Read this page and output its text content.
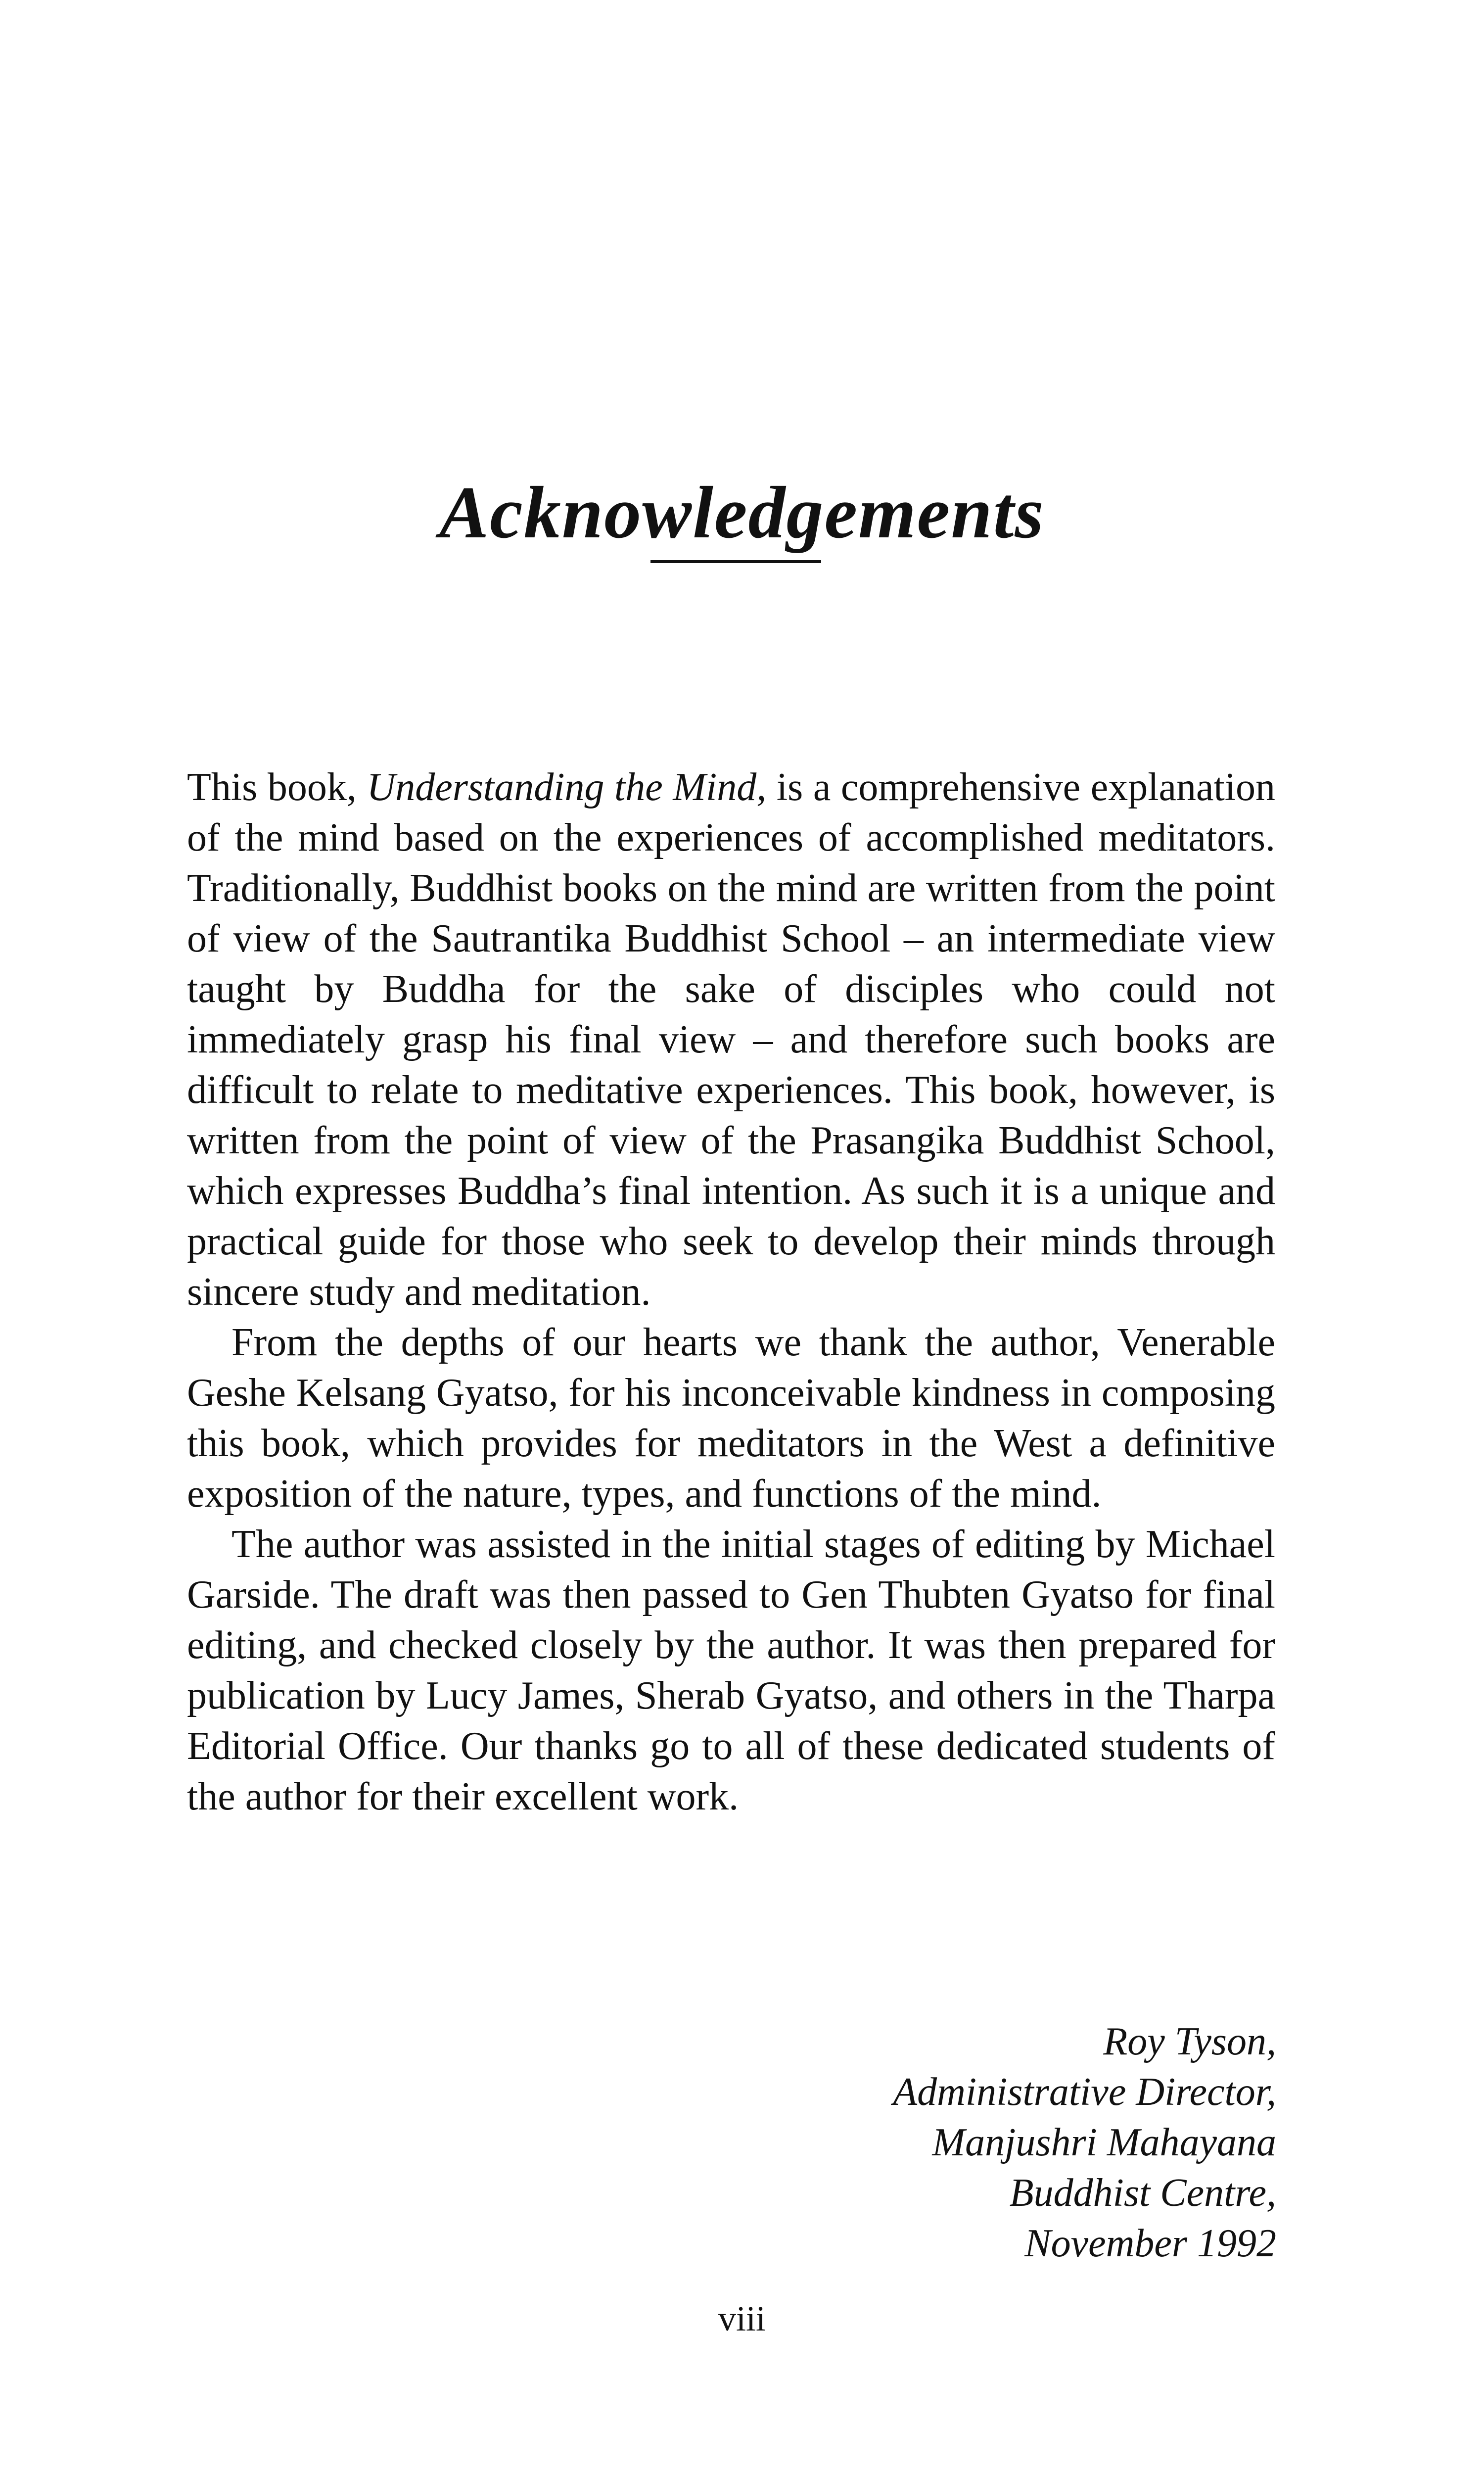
Acknowledgements

This book, Understanding the Mind, is a comprehensive explanation of the mind based on the experiences of accomplished meditators. Traditionally, Buddhist books on the mind are written from the point of view of the Sautrantika Buddhist School – an intermediate view taught by Buddha for the sake of disciples who could not immediately grasp his final view – and therefore such books are difficult to relate to meditative experiences. This book, however, is written from the point of view of the Prasangika Buddhist School, which expresses Buddha’s final intention. As such it is a unique and practical guide for those who seek to develop their minds through sincere study and meditation.

From the depths of our hearts we thank the author, Venerable Geshe Kelsang Gyatso, for his inconceivable kindness in composing this book, which provides for meditators in the West a definitive exposition of the nature, types, and functions of the mind.

The author was assisted in the initial stages of editing by Michael Garside. The draft was then passed to Gen Thubten Gyatso for final editing, and checked closely by the author. It was then prepared for publication by Lucy James, Sherab Gyatso, and others in the Tharpa Editorial Office. Our thanks go to all of these dedicated students of the author for their excellent work.

Roy Tyson,
Administrative Director,
Manjushri Mahayana
Buddhist Centre,
November 1992
viii
